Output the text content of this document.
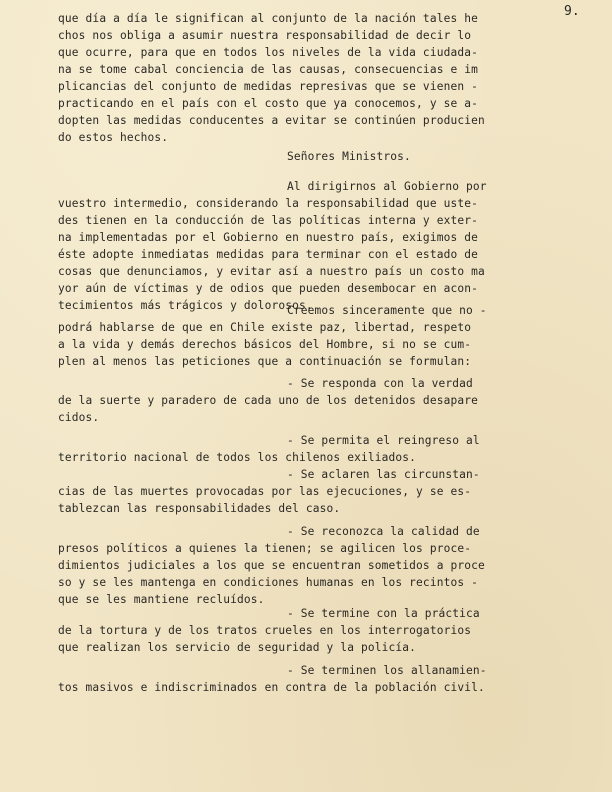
9.
que día a día le significan al conjunto de la nación tales he
chos nos obliga a asumir nuestra responsabilidad de decir lo
que ocurre, para que en todos los niveles de la vida ciudada-
na se tome cabal conciencia de las causas, consecuencias e im
plicancias del conjunto de medidas represivas que se vienen -
practicando en el país con el costo que ya conocemos, y se a-
dopten las medidas conducentes a evitar se continúen producien
do estos hechos.
Señores Ministros.
Al dirigirnos al Gobierno por
vuestro intermedio, considerando la responsabilidad que uste-
des tienen en la conducción de las políticas interna y exter-
na implementadas por el Gobierno en nuestro país, exigimos de
éste adopte inmediatas medidas para terminar con el estado de
cosas que denunciamos, y evitar así a nuestro país un costo ma
yor aún de víctimas y de odios que pueden desembocar en acon-
tecimientos más trágicos y dolorosos.
Creemos sinceramente que no -
podrá hablarse de que en Chile existe paz, libertad, respeto
a la vida y demás derechos básicos del Hombre, si no se cum-
plen al menos las peticiones que a continuación se formulan:
- Se responda con la verdad
de la suerte y paradero de cada uno de los detenidos desapare
cidos.
- Se permita el reingreso al
territorio nacional de todos los chilenos exiliados.
- Se aclaren las circunstan-
cias de las muertes provocadas por las ejecuciones, y se es-
tablezcan las responsabilidades del caso.
- Se reconozca la calidad de
presos políticos a quienes la tienen; se agilicen los proce-
dimientos judiciales a los que se encuentran sometidos a proce
so y se les mantenga en condiciones humanas en los recintos -
que se les mantiene recluídos.
- Se termine con la práctica
de la tortura y de los tratos crueles en los interrogatorios
que realizan los servicio de seguridad y la policía.
- Se terminen los allanamien-
tos masivos e indiscriminados en contra de la población civil.
